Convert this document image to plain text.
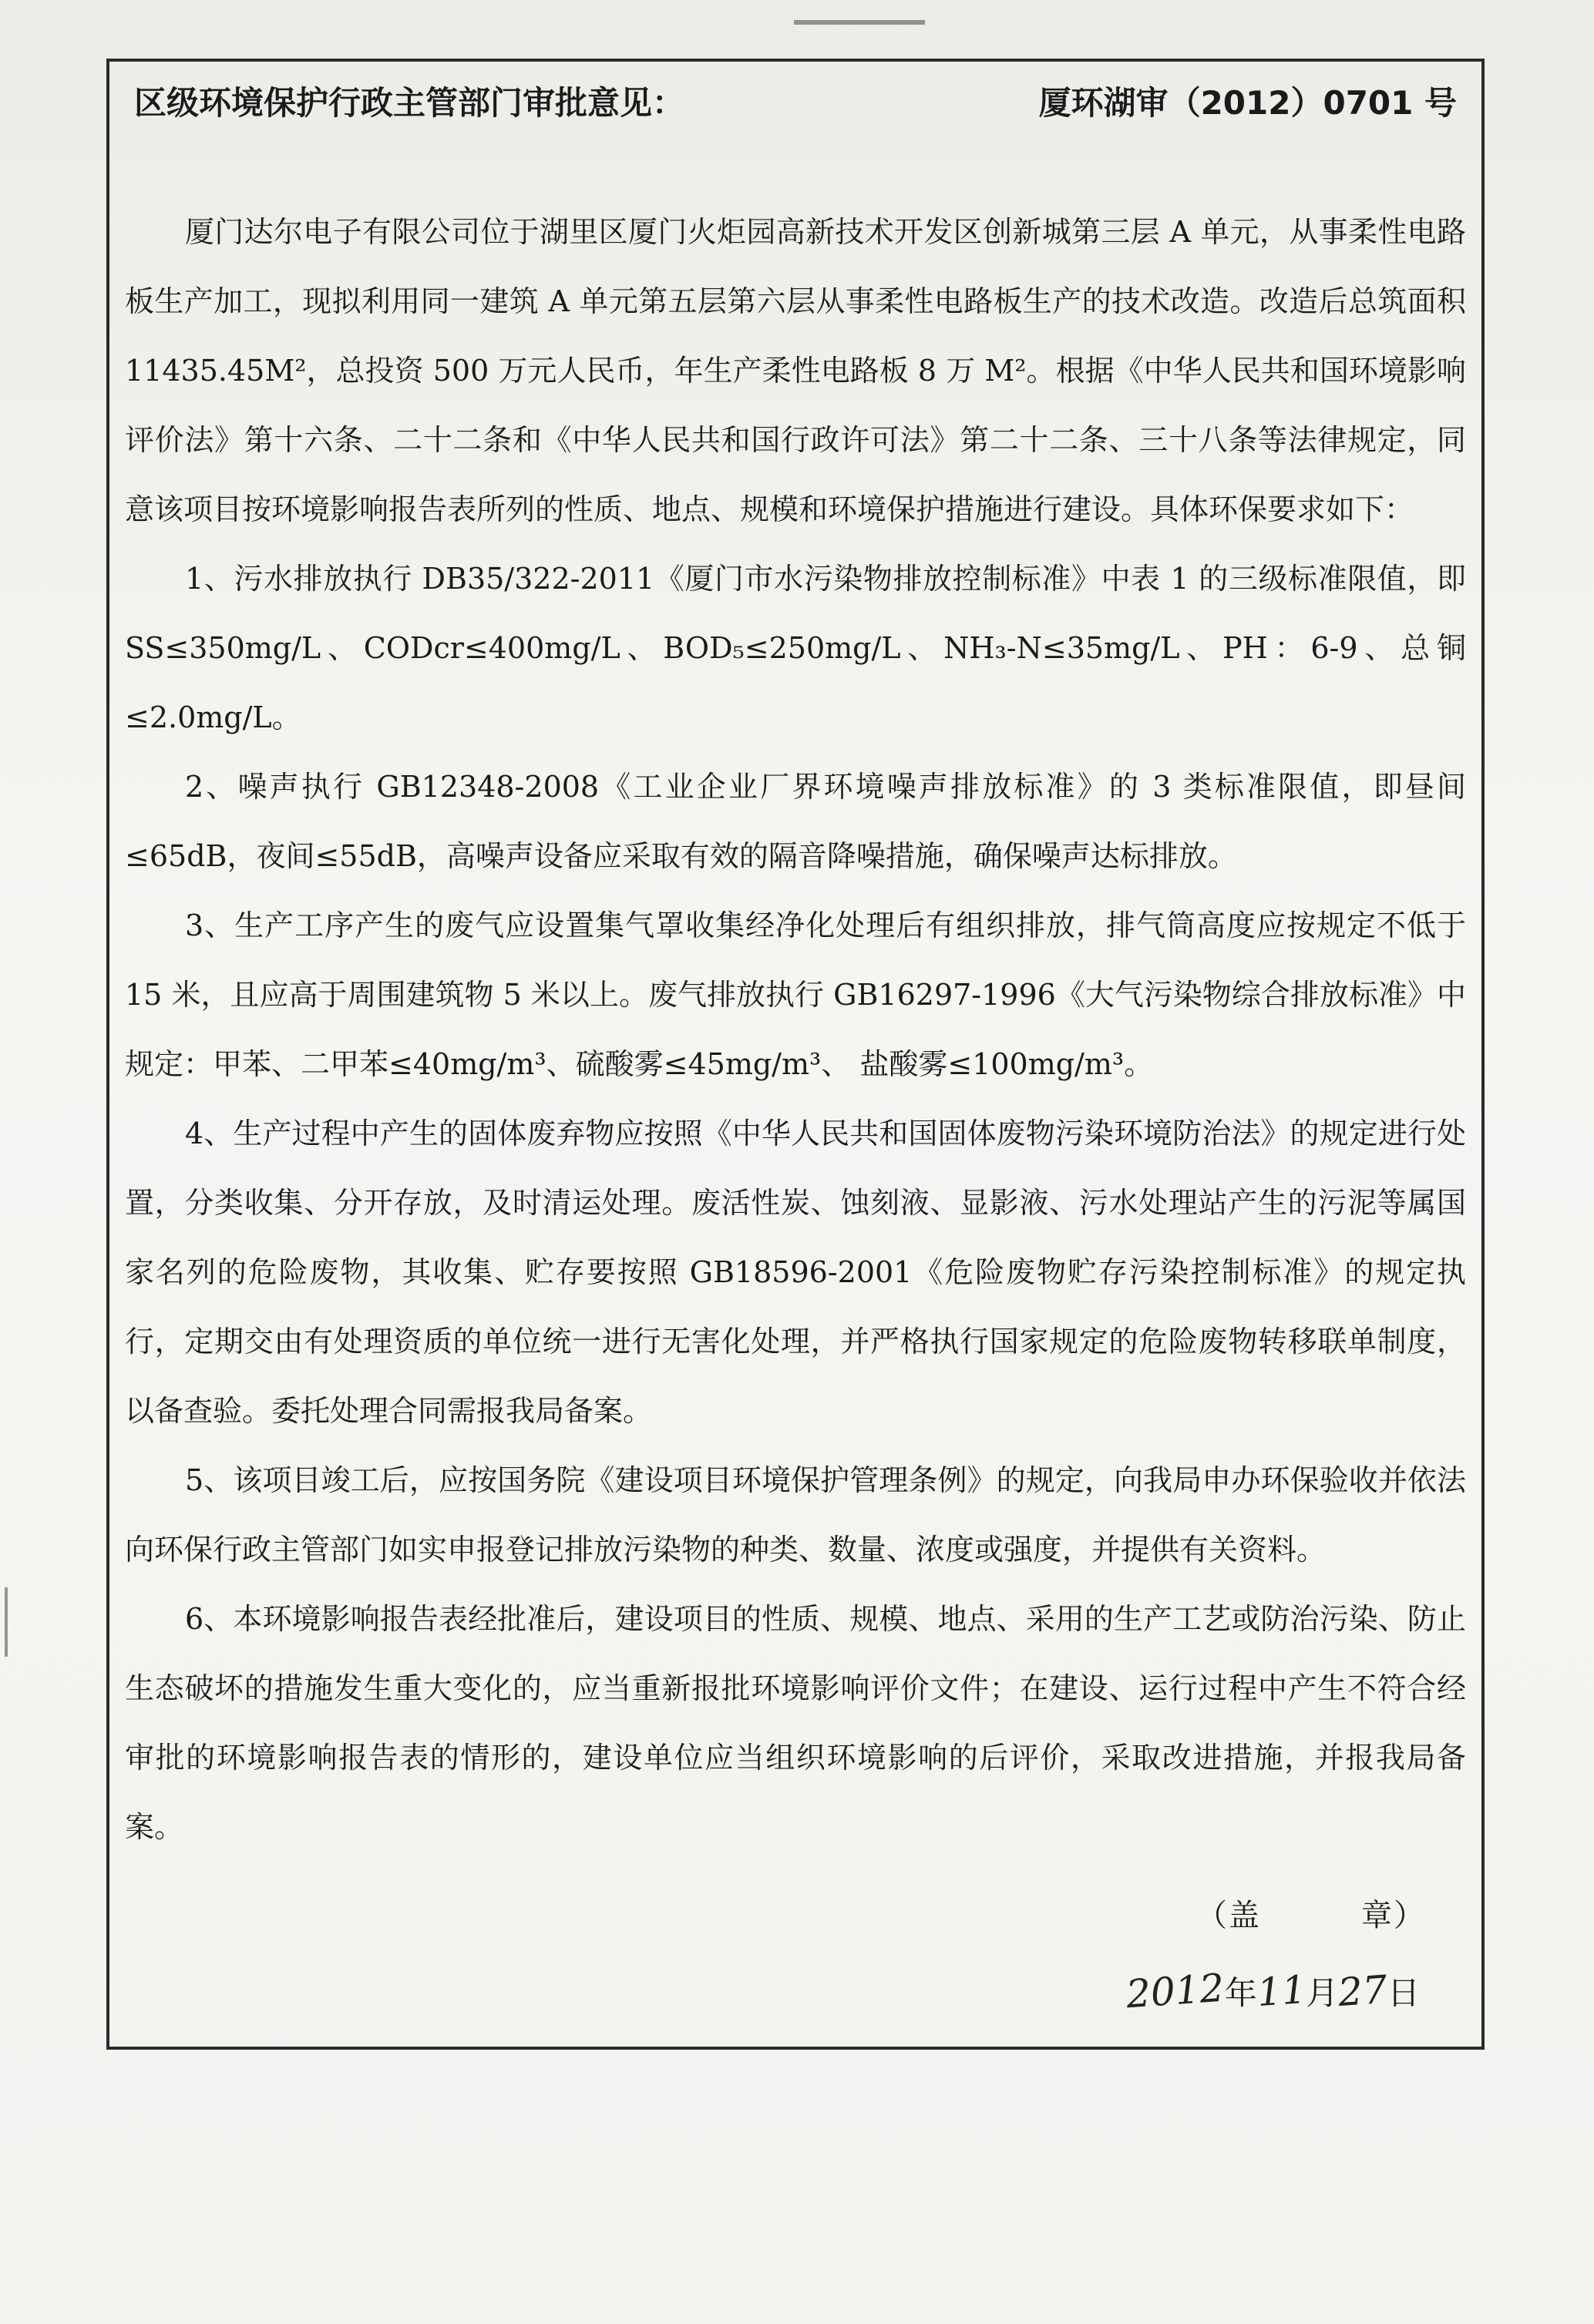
区级环境保护行政主管部门审批意见：	厦环湖审（2012）0701 号

厦门达尔电子有限公司位于湖里区厦门火炬园高新技术开发区创新城第三层 A 单元，从事柔性电路板生产加工，现拟利用同一建筑 A 单元第五层第六层从事柔性电路板生产的技术改造。改造后总筑面积 11435.45M²，总投资 500 万元人民币，年生产柔性电路板 8 万 M²。根据《中华人民共和国环境影响评价法》第十六条、二十二条和《中华人民共和国行政许可法》第二十二条、三十八条等法律规定，同意该项目按环境影响报告表所列的性质、地点、规模和环境保护措施进行建设。具体环保要求如下：

1、污水排放执行 DB35/322-2011《厦门市水污染物排放控制标准》中表 1 的三级标准限值，即 SS≤350mg/L、CODcr≤400mg/L、BOD₅≤250mg/L、NH₃-N≤35mg/L、PH：6-9、总铜≤2.0mg/L。

2、噪声执行 GB12348-2008《工业企业厂界环境噪声排放标准》的 3 类标准限值，即昼间≤65dB，夜间≤55dB，高噪声设备应采取有效的隔音降噪措施，确保噪声达标排放。

3、生产工序产生的废气应设置集气罩收集经净化处理后有组织排放，排气筒高度应按规定不低于 15 米，且应高于周围建筑物 5 米以上。废气排放执行 GB16297-1996《大气污染物综合排放标准》中规定：甲苯、二甲苯≤40mg/m³、硫酸雾≤45mg/m³、 盐酸雾≤100mg/m³。

4、生产过程中产生的固体废弃物应按照《中华人民共和国固体废物污染环境防治法》的规定进行处置，分类收集、分开存放，及时清运处理。废活性炭、蚀刻液、显影液、污水处理站产生的污泥等属国家名列的危险废物，其收集、贮存要按照 GB18596-2001《危险废物贮存污染控制标准》的规定执行，定期交由有处理资质的单位统一进行无害化处理，并严格执行国家规定的危险废物转移联单制度，以备查验。委托处理合同需报我局备案。

5、该项目竣工后，应按国务院《建设项目环境保护管理条例》的规定，向我局申办环保验收并依法向环保行政主管部门如实申报登记排放污染物的种类、数量、浓度或强度，并提供有关资料。

6、本环境影响报告表经批准后，建设项目的性质、规模、地点、采用的生产工艺或防治污染、防止生态破坏的措施发生重大变化的，应当重新报批环境影响评价文件；在建设、运行过程中产生不符合经审批的环境影响报告表的情形的，建设单位应当组织环境影响的后评价，采取改进措施，并报我局备案。

（盖	章）
2012
年
11
月
27
日
